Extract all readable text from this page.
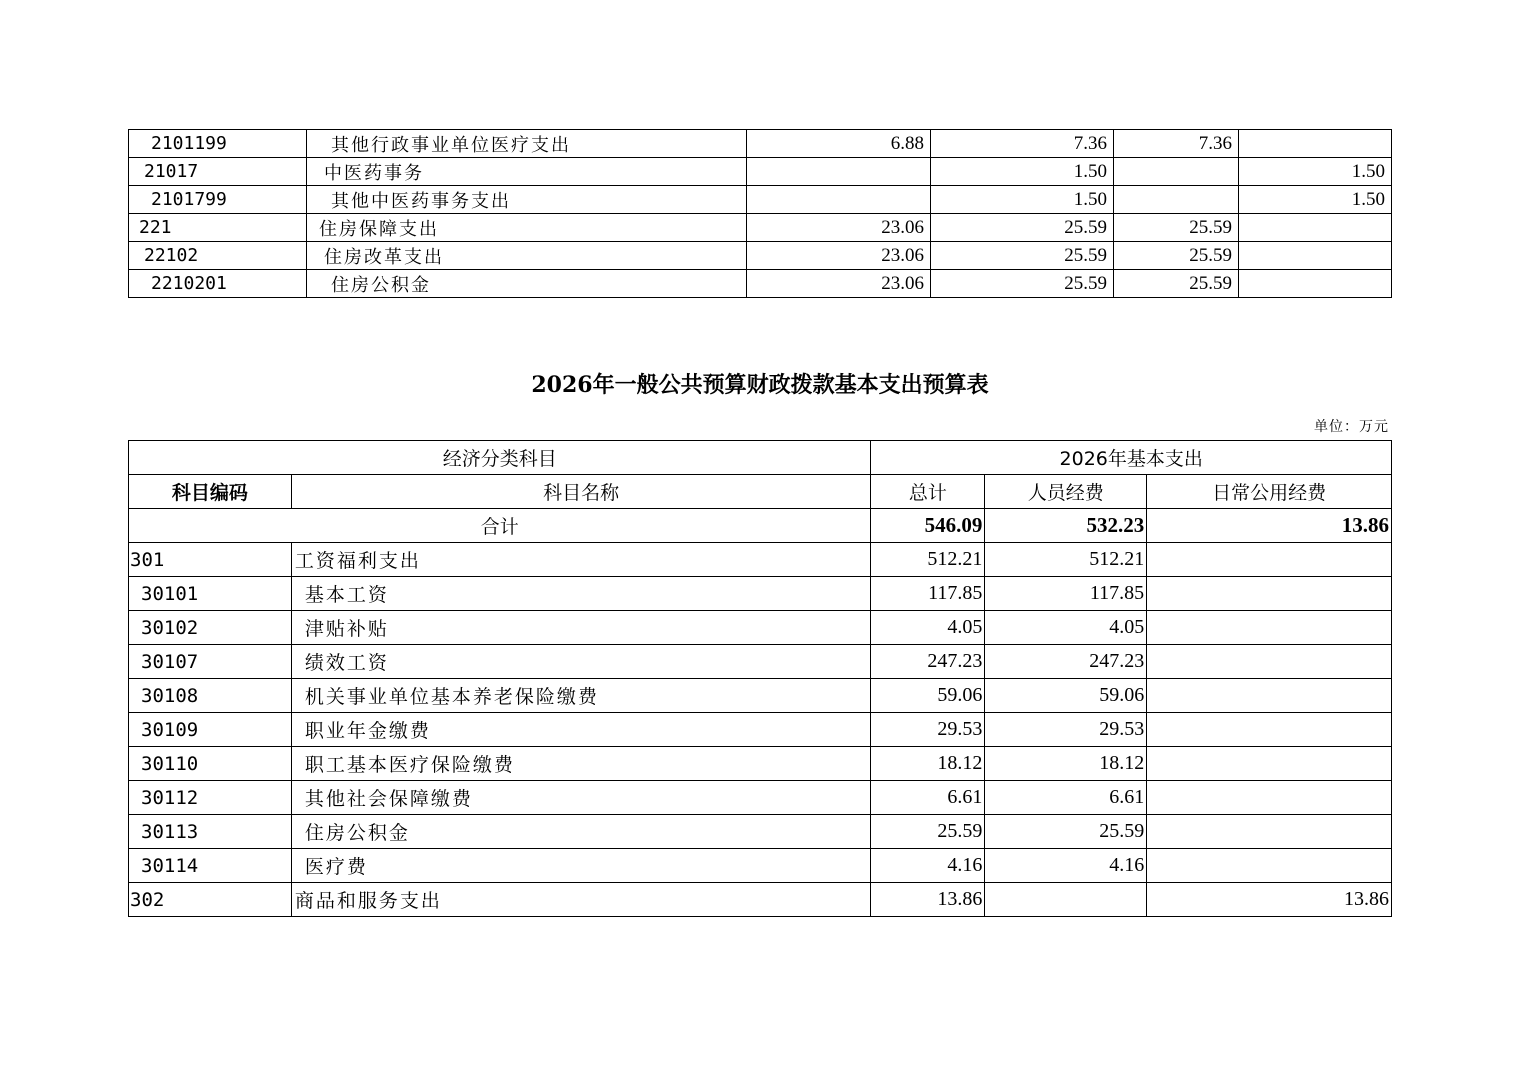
2101199	其他行政事业单位医疗支出	6.88	7.36	7.36	
21017	中医药事务		1.50		1.50
2101799	其他中医药事务支出		1.50		1.50
221	住房保障支出	23.06	25.59	25.59	
22102	住房改革支出	23.06	25.59	25.59	
2210201	住房公积金	23.06	25.59	25.59	
2026年一般公共预算财政拨款基本支出预算表
单位：万元
经济分类科目		2026年基本支出		
科目编码	科目名称	总计	人员经费	日常公用经费
合计		546.09	532.23	13.86
301	工资福利支出	512.21	512.21	
30101	基本工资	117.85	117.85	
30102	津贴补贴	4.05	4.05	
30107	绩效工资	247.23	247.23	
30108	机关事业单位基本养老保险缴费	59.06	59.06	
30109	职业年金缴费	29.53	29.53	
30110	职工基本医疗保险缴费	18.12	18.12	
30112	其他社会保障缴费	6.61	6.61	
30113	住房公积金	25.59	25.59	
30114	医疗费	4.16	4.16	
302	商品和服务支出	13.86		13.86
